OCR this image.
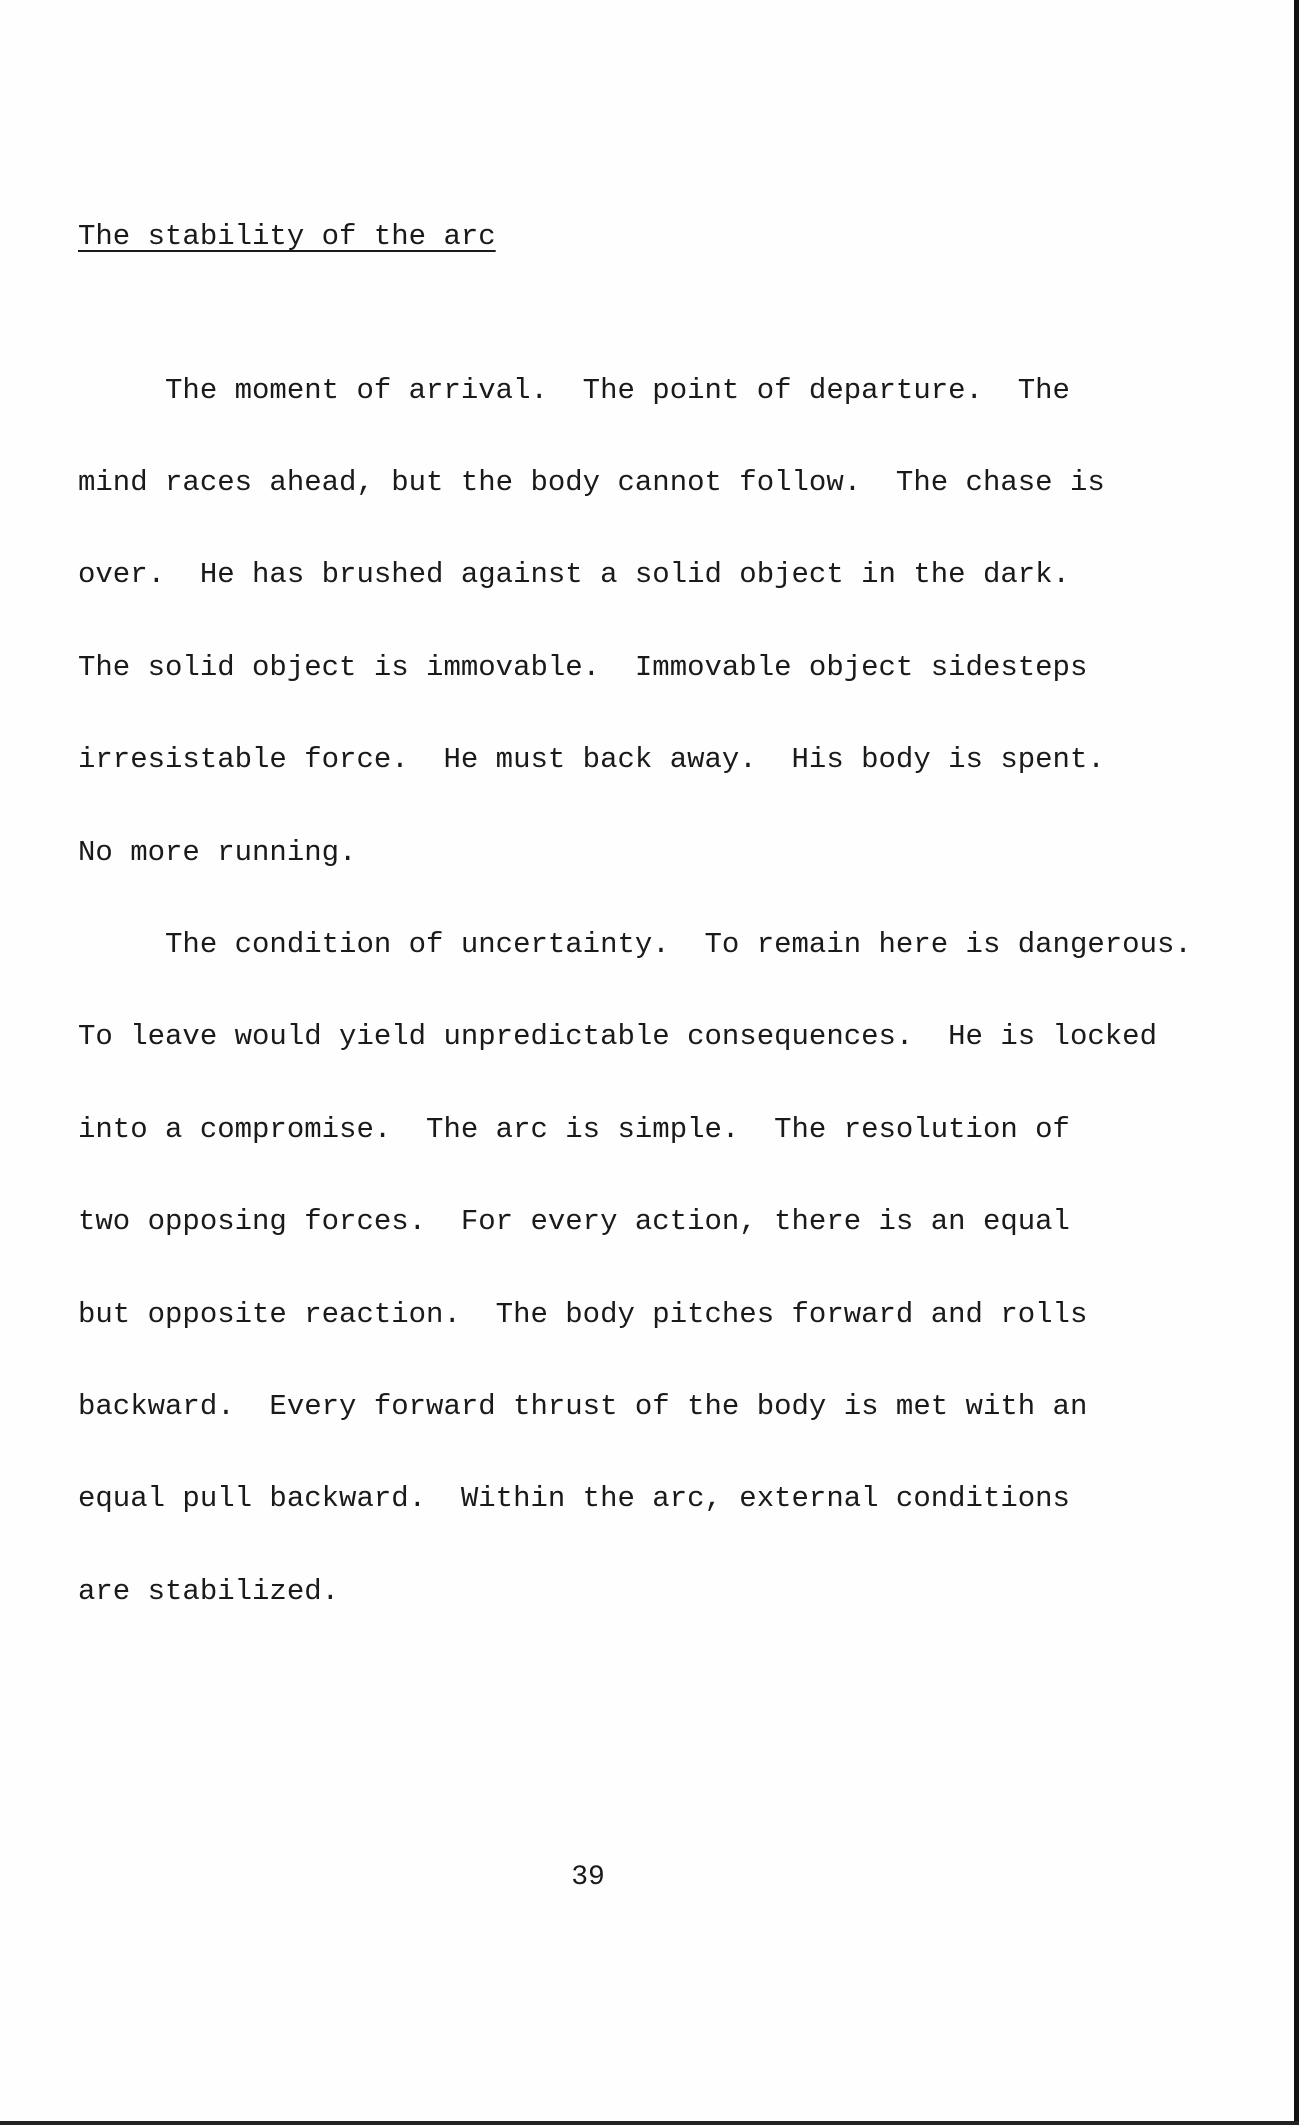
The stability of the arc

The moment of arrival.  The point of departure.  The

mind races ahead, but the body cannot follow.  The chase is

over.  He has brushed against a solid object in the dark.

The solid object is immovable.  Immovable object sidesteps

irresistable force.  He must back away.  His body is spent.

No more running.

The condition of uncertainty.  To remain here is dangerous.

To leave would yield unpredictable consequences.  He is locked

into a compromise.  The arc is simple.  The resolution of

two opposing forces.  For every action, there is an equal

but opposite reaction.  The body pitches forward and rolls

backward.  Every forward thrust of the body is met with an

equal pull backward.  Within the arc, external conditions

are stabilized.

39
